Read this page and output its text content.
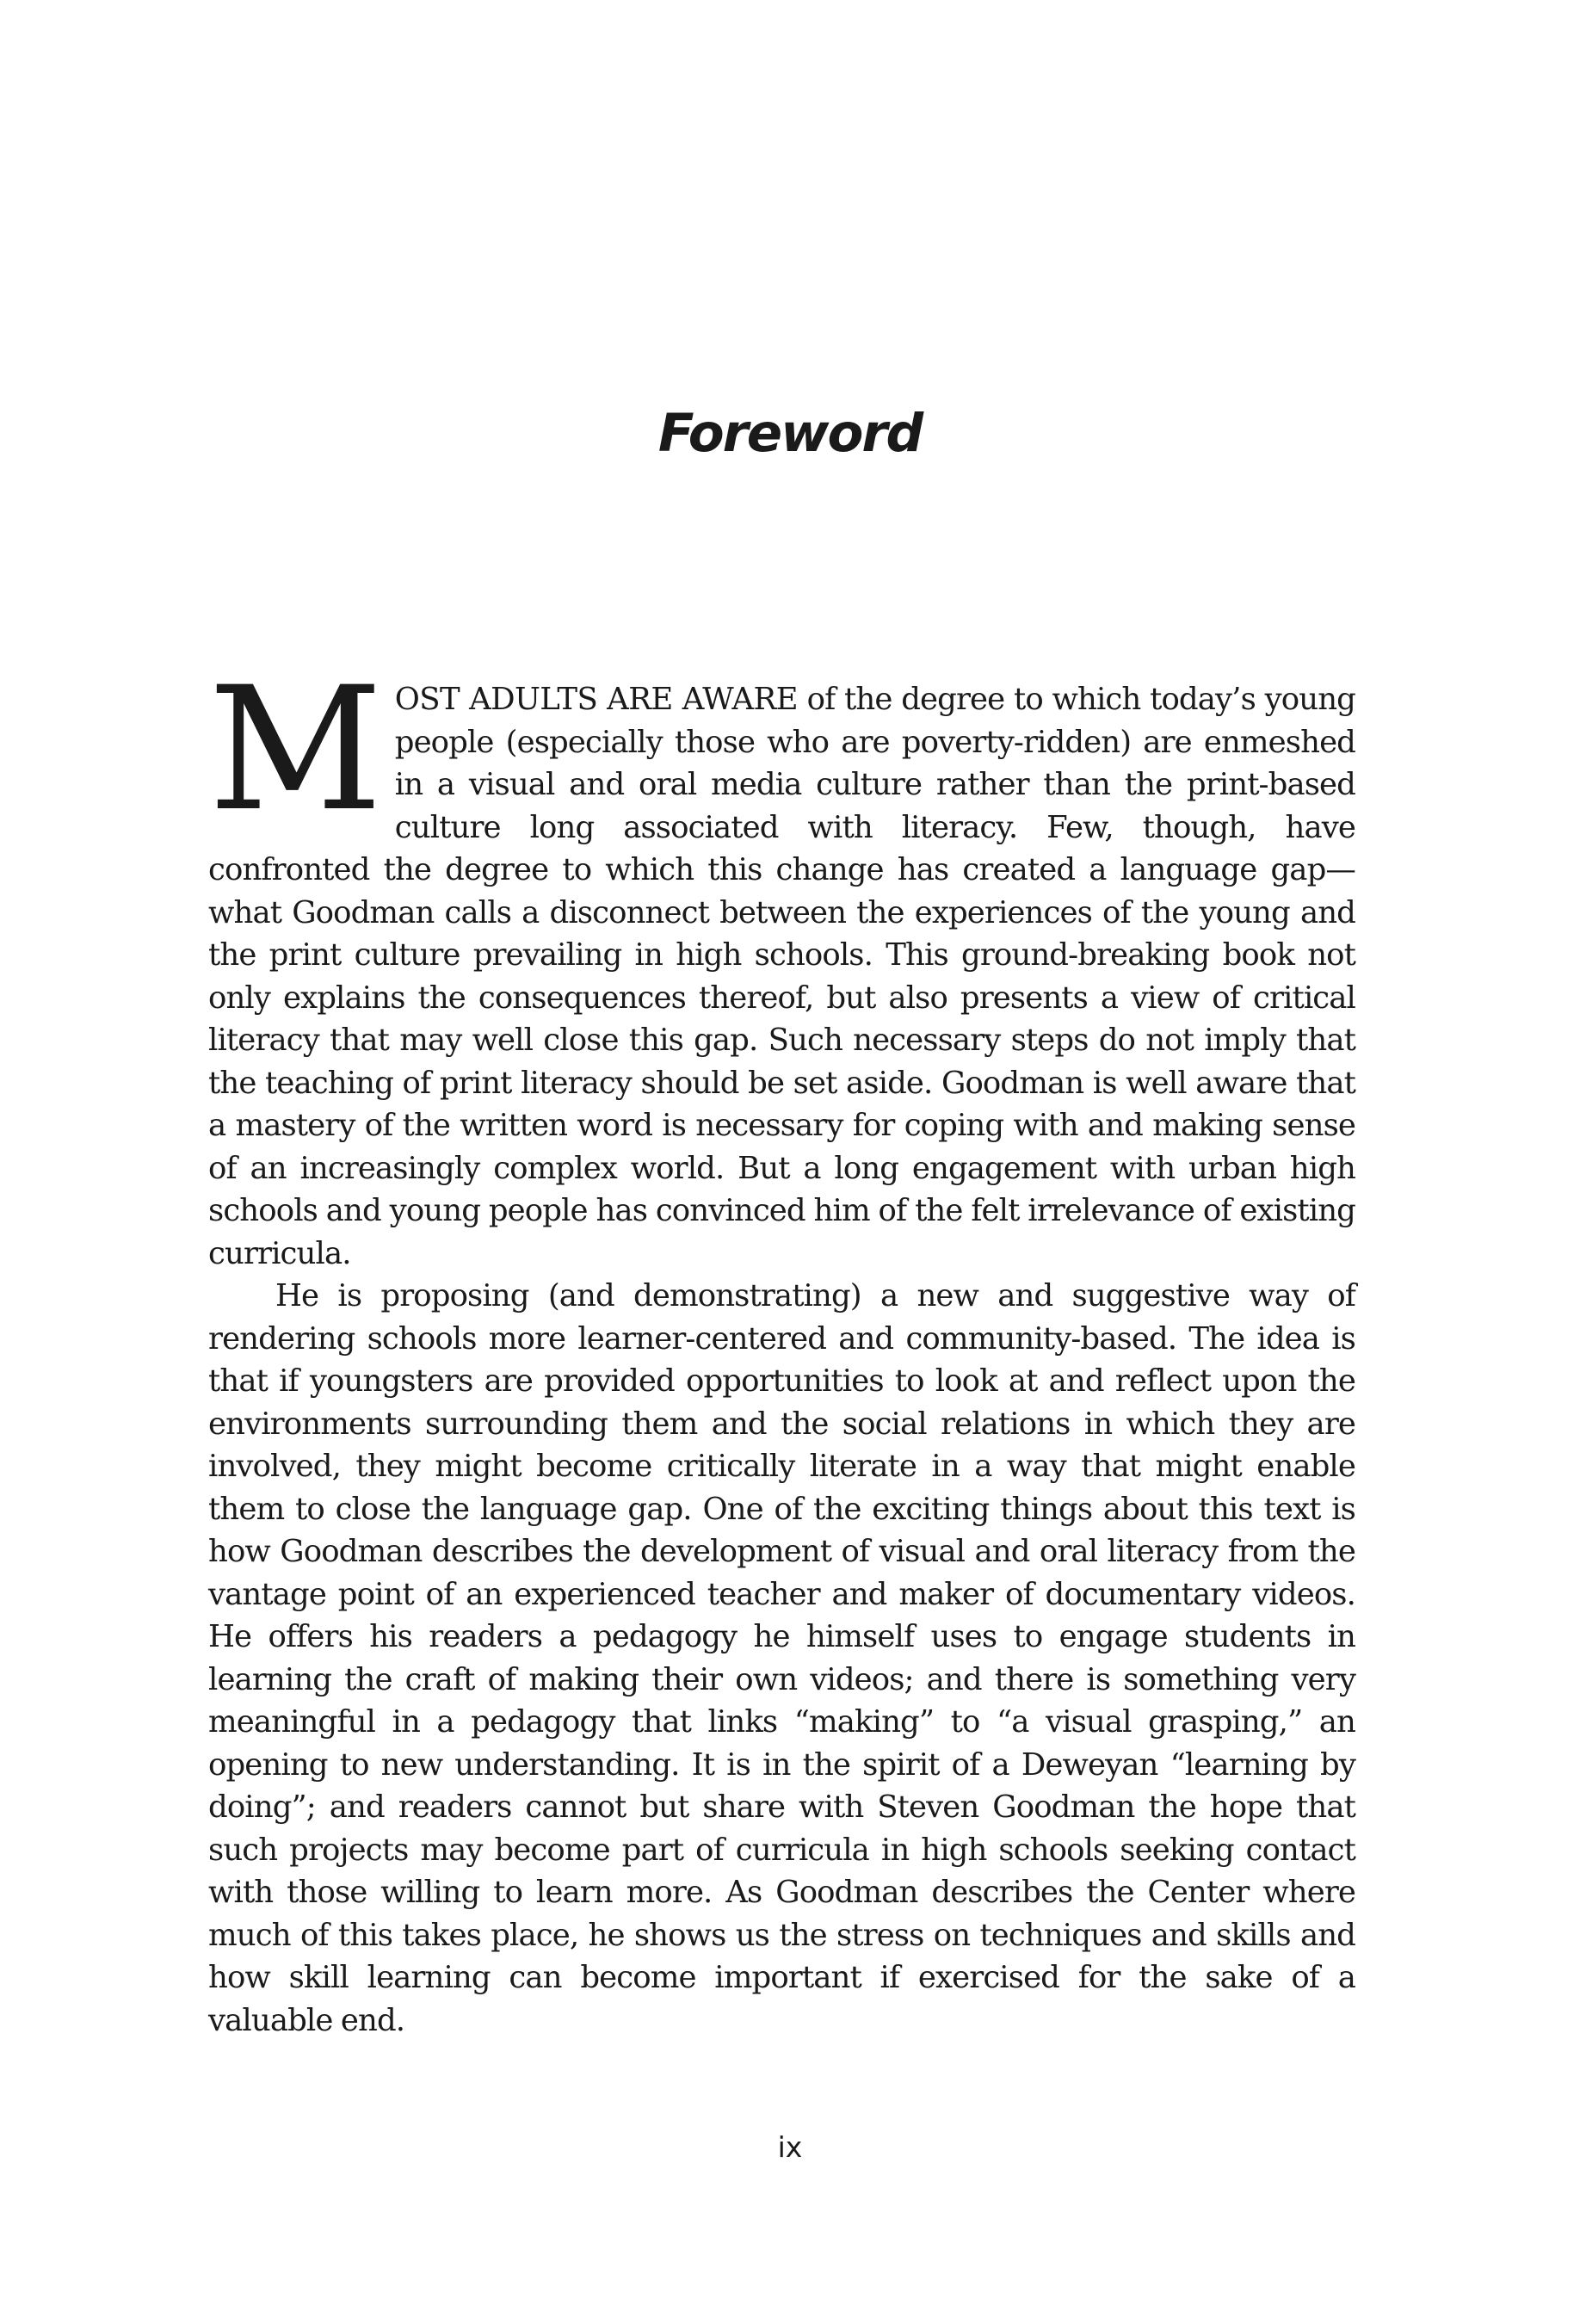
Foreword

MOST ADULTS ARE AWARE of the degree to which today’s young people (especially those who are poverty-ridden) are enmeshed in a visual and oral media culture rather than the print-based culture long associated with literacy. Few, though, have confronted the degree to which this change has created a language gap—what Goodman calls a disconnect between the experiences of the young and the print culture prevailing in high schools. This ground-breaking book not only explains the consequences thereof, but also presents a view of critical literacy that may well close this gap. Such necessary steps do not imply that the teaching of print literacy should be set aside. Goodman is well aware that a mastery of the written word is necessary for coping with and making sense of an increasingly complex world. But a long engagement with urban high schools and young people has convinced him of the felt irrelevance of existing curricula.

He is proposing (and demonstrating) a new and suggestive way of rendering schools more learner-centered and community-based. The idea is that if youngsters are provided opportunities to look at and reflect upon the environments surrounding them and the social relations in which they are involved, they might become critically literate in a way that might enable them to close the language gap. One of the exciting things about this text is how Goodman describes the development of visual and oral literacy from the vantage point of an experienced teacher and maker of documentary videos. He offers his readers a pedagogy he himself uses to engage students in learning the craft of making their own videos; and there is something very meaningful in a pedagogy that links “making” to “a visual grasping,” an opening to new understanding. It is in the spirit of a Deweyan “learning by doing”; and readers cannot but share with Steven Goodman the hope that such projects may become part of curricula in high schools seeking contact with those willing to learn more. As Goodman describes the Center where much of this takes place, he shows us the stress on techniques and skills and how skill learning can become important if exercised for the sake of a valuable end.

ix
